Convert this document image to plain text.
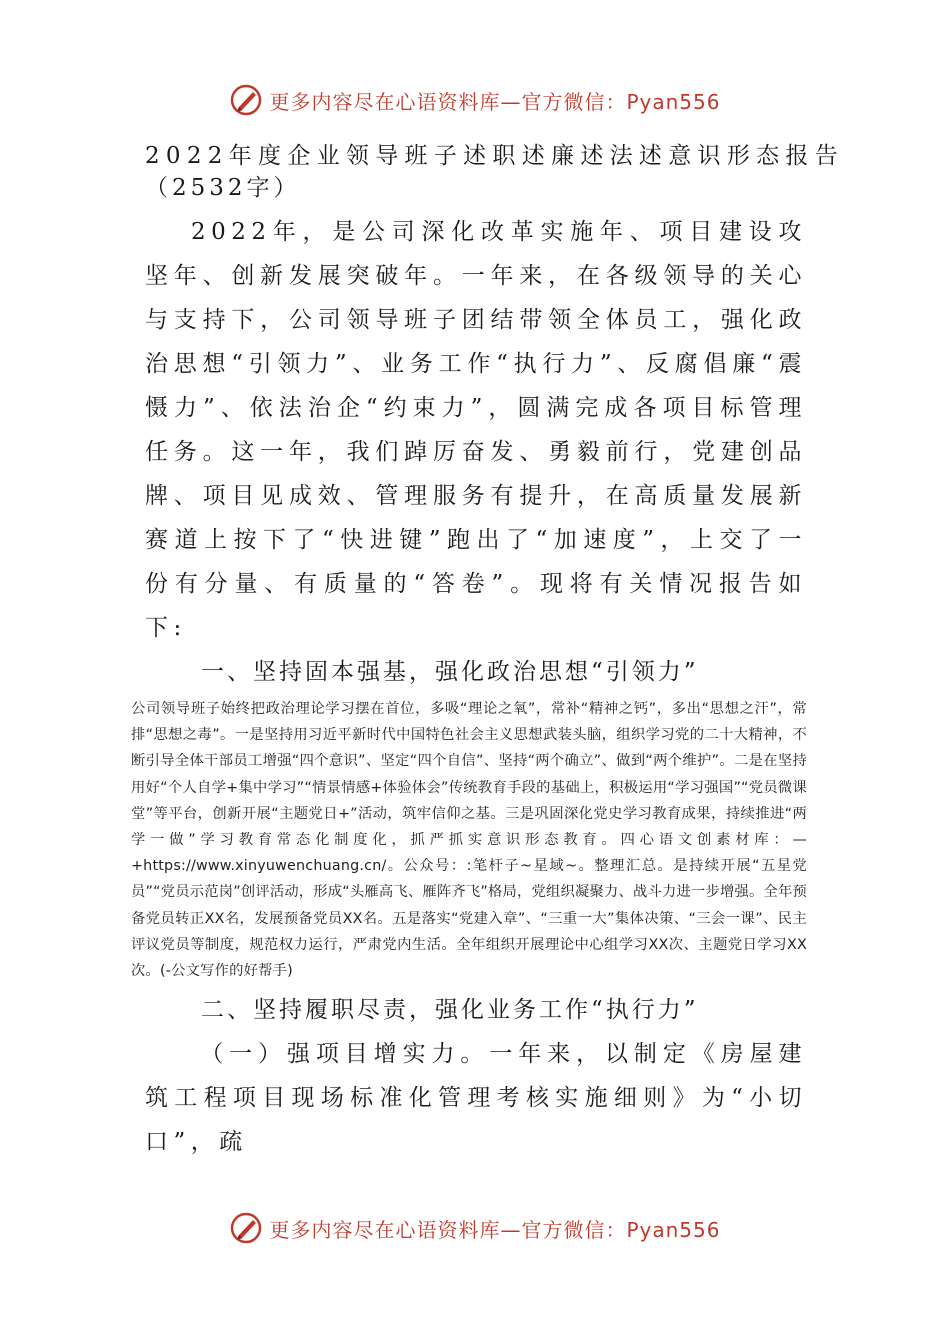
更多内容尽在心语资料库—官方微信：Pyan556

2022年度企业领导班子述职述廉述法述意识形态报告

（2532字）

2022年，是公司深化改革实施年、项目建设攻坚年、创新发展突破年。一年来，在各级领导的关心与支持下，公司领导班子团结带领全体员工，强化政治思想“引领力”、业务工作“执行力”、反腐倡廉“震慑力”、依法治企“约束力”，圆满完成各项目标管理任务。这一年，我们踔厉奋发、勇毅前行，党建创品牌、项目见成效、管理服务有提升，在高质量发展新赛道上按下了“快进键”跑出了“加速度”，上交了一份有分量、有质量的“答卷”。现将有关情况报告如下:

一、坚持固本强基，强化政治思想“引领力”

公司领导班子始终把政治理论学习摆在首位，多吸“理论之氧”，常补“精神之钙”，多出“思想之汗”，常排“思想之毒”。一是坚持用习近平新时代中国特色社会主义思想武装头脑，组织学习党的二十大精神，不断引导全体干部员工增强“四个意识”、坚定“四个自信”、坚持“两个确立”、做到“两个维护”。二是在坚持用好“个人自学+集中学习”“情景情感+体验体会”传统教育手段的基础上，积极运用“学习强国”“党员微课堂”等平台，创新开展“主题党日+”活动，筑牢信仰之基。三是巩固深化党史学习教育成果，持续推进“两学一做”学习教育常态化制度化，抓严抓实意识形态教育。四心语文创素材库：—+https://www.xinyuwenchuang.cn/。公众号：:笔杆子~星域~。整理汇总。是持续开展“五星党员”“党员示范岗”创评活动，形成“头雁高飞、雁阵齐飞”格局，党组织凝聚力、战斗力进一步增强。全年预备党员转正XX名，发展预备党员XX名。五是落实“党建入章”、“三重一大”集体决策、“三会一课”、民主评议党员等制度，规范权力运行，严肃党内生活。全年组织开展理论中心组学习XX次、主题党日学习XX次。(-公文写作的好帮手)

二、坚持履职尽责，强化业务工作“执行力”

（一）强项目增实力。一年来，以制定《房屋建筑工程项目现场标准化管理考核实施细则》为“小切口”，疏

更多内容尽在心语资料库—官方微信：Pyan556
